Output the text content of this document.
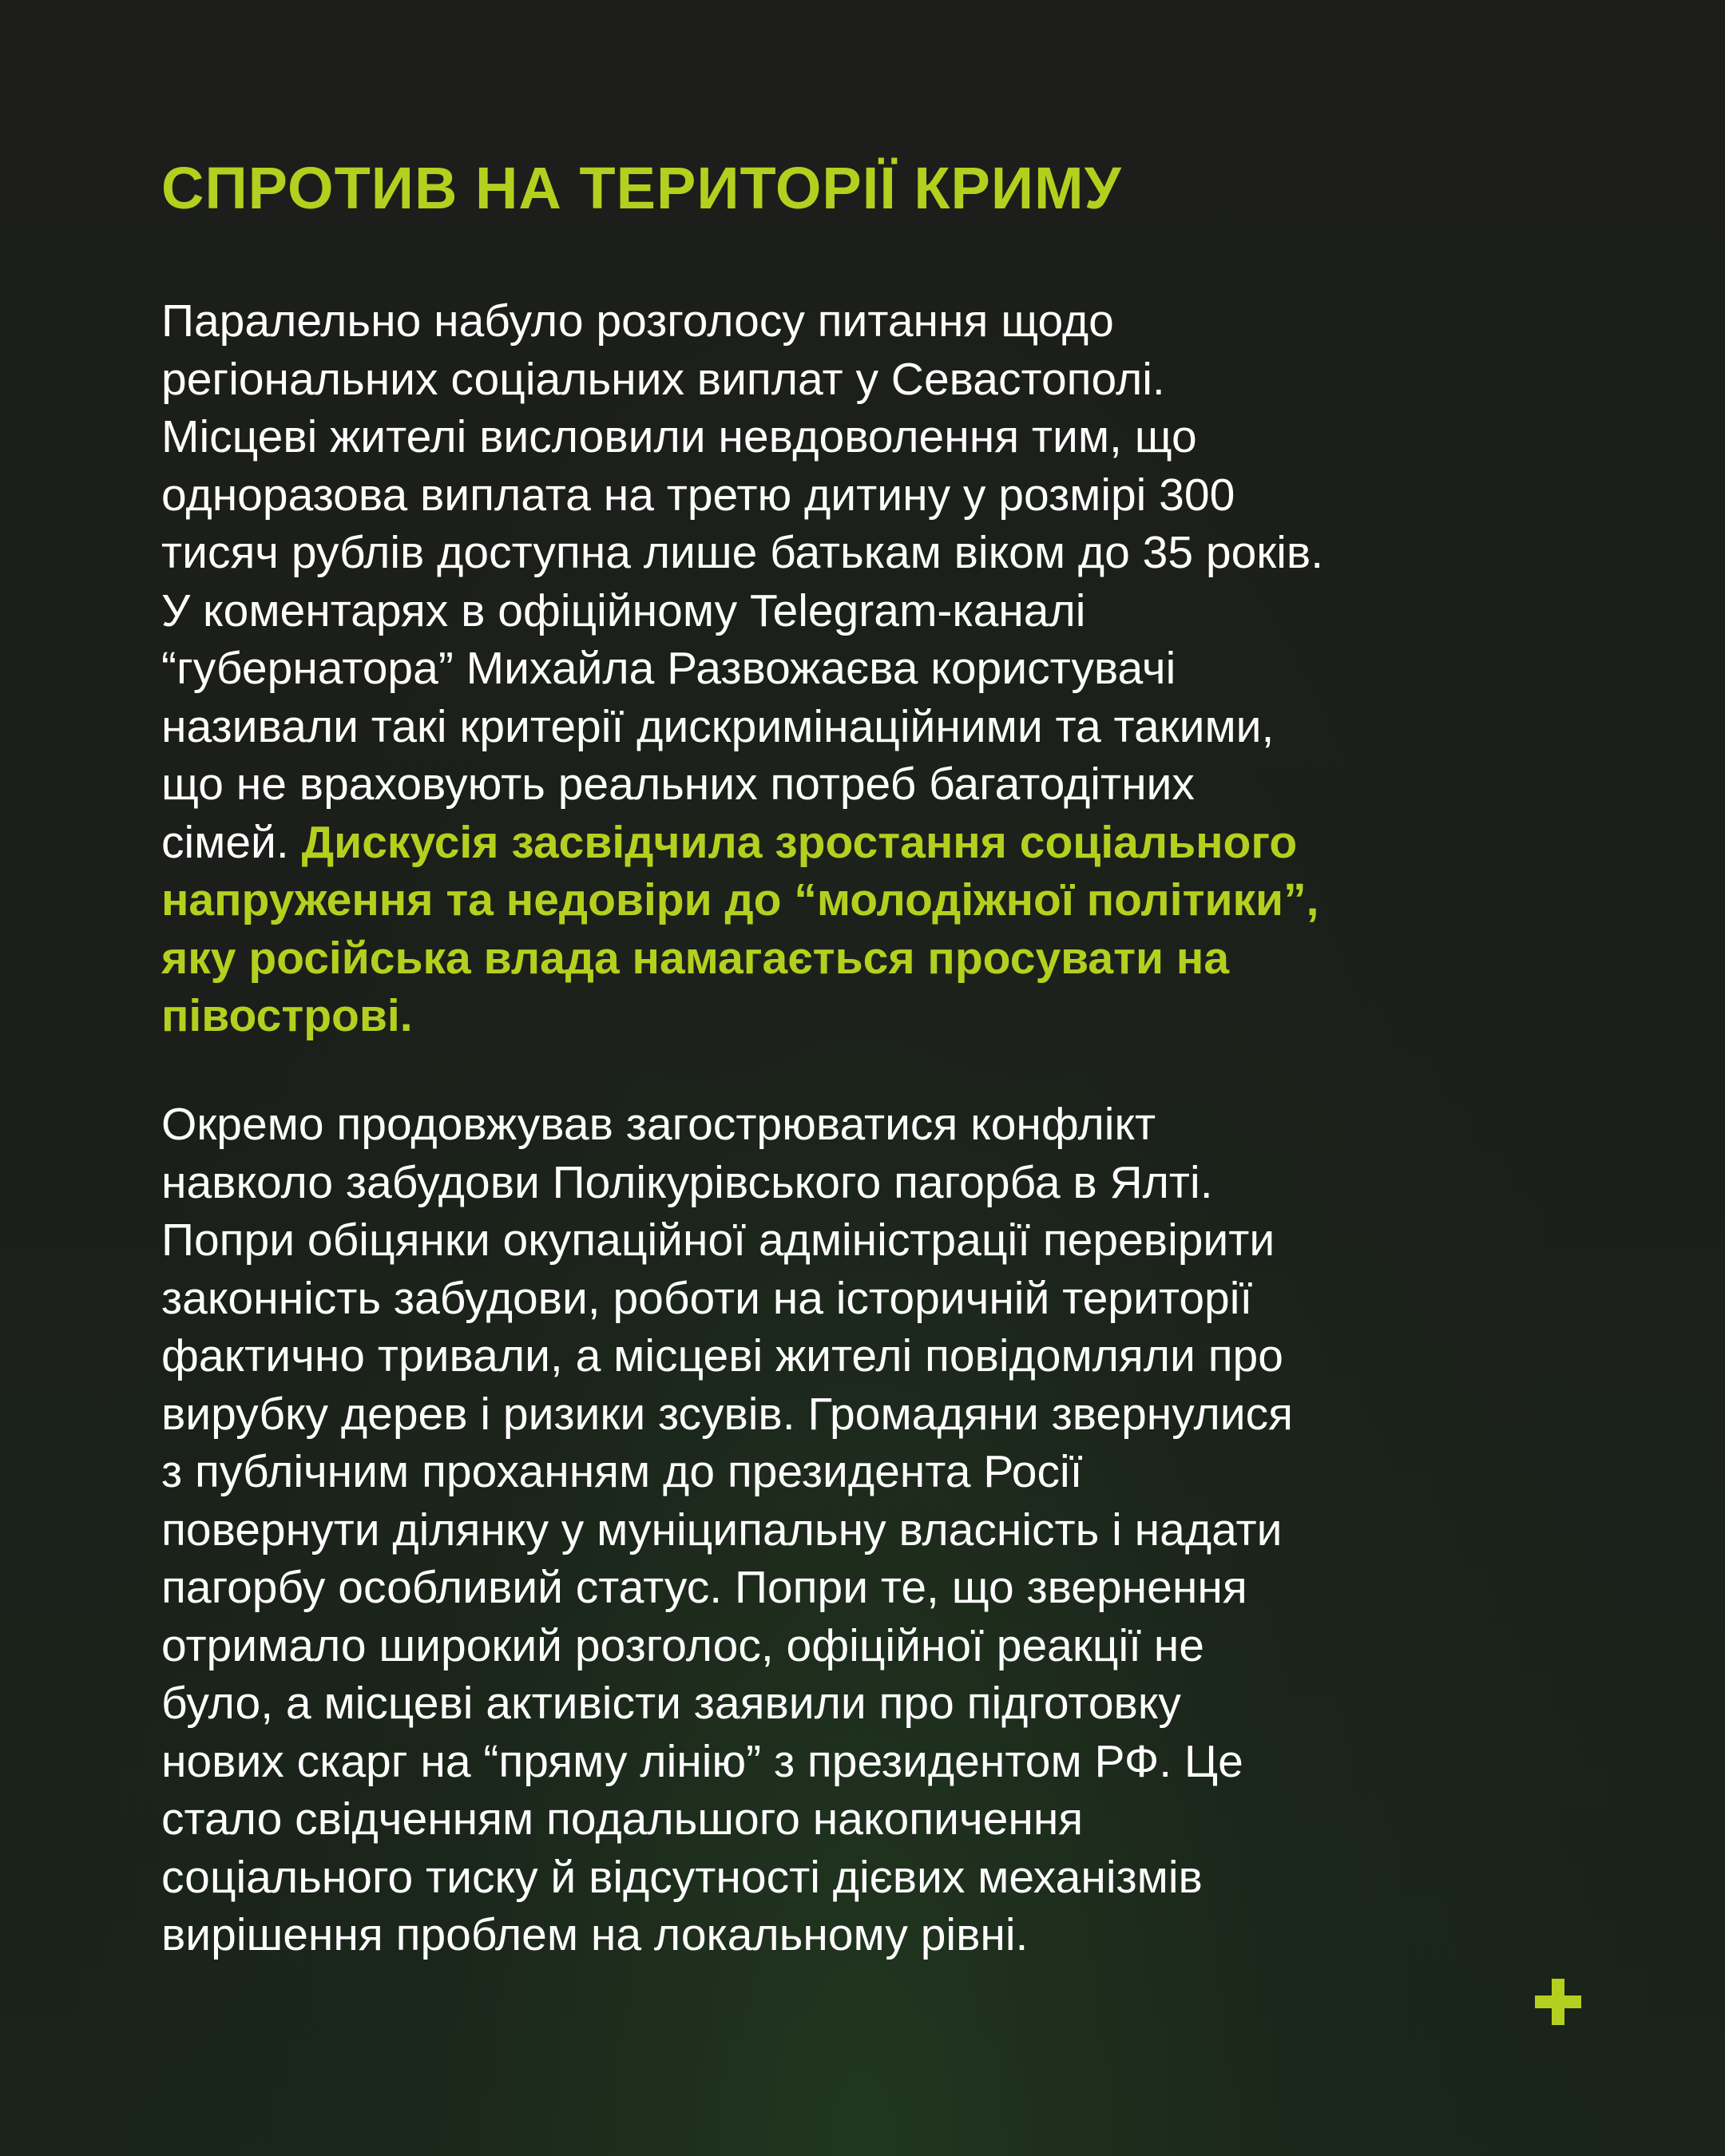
СПРОТИВ НА ТЕРИТОРІЇ КРИМУ
Паралельно набуло розголосу питання щодо
регіональних соціальних виплат у Севастополі.
Місцеві жителі висловили невдоволення тим, що
одноразова виплата на третю дитину у розмірі 300
тисяч рублів доступна лише батькам віком до 35 років.
У коментарях в офіційному Telegram-каналі
“губернатора” Михайла Развожаєва користувачі
називали такі критерії дискримінаційними та такими,
що не враховують реальних потреб багатодітних
сімей. Дискусія засвідчила зростання соціального
напруження та недовіри до “молодіжної політики”,
яку російська влада намагається просувати на
півострові.
Окремо продовжував загострюватися конфлікт
навколо забудови Полікурівського пагорба в Ялті.
Попри обіцянки окупаційної адміністрації перевірити
законність забудови, роботи на історичній території
фактично тривали, а місцеві жителі повідомляли про
вирубку дерев і ризики зсувів. Громадяни звернулися
з публічним проханням до президента Росії
повернути ділянку у муніципальну власність і надати
пагорбу особливий статус. Попри те, що звернення
отримало широкий розголос, офіційної реакції не
було, а місцеві активісти заявили про підготовку
нових скарг на “пряму лінію” з президентом РФ. Це
стало свідченням подальшого накопичення
соціального тиску й відсутності дієвих механізмів
вирішення проблем на локальному рівні.
